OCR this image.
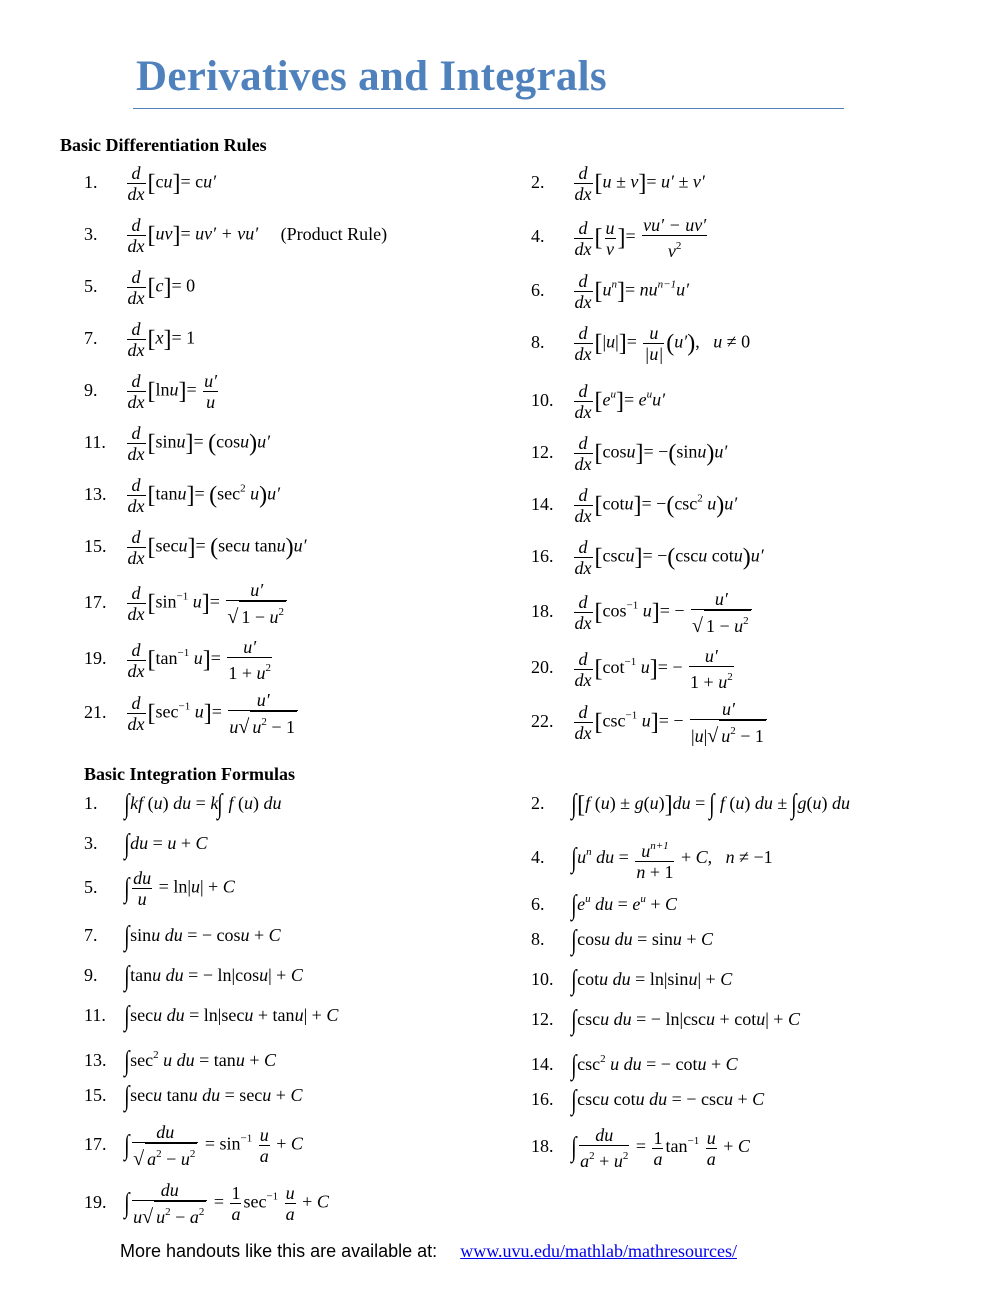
Derivatives and Integrals
Basic Differentiation Rules
1. $\frac{d}{dx} [cu]= cu'$
3. $\frac{d}{dx} [uv]= uv' + vu'$ (Product Rule)
5. $\frac{d}{dx} [c]= 0$
7. $\frac{d}{dx} [x]= 1$
9. $\frac{d}{dx} [\ln u]= \frac{u'}{u}$
11. $\frac{d}{dx} [\sin u]= (\cos u)u'$
13. $\frac{d}{dx} [\tan u]= (\sec^2$ u)u′
15. $\frac{d}{dx} [\sec u]= (\sec u$ tanu)u′
17. $\frac{d}{dx} [\sin^{-1}$ $u]= \frac{u'}{√ 1 - u^2}$
19. $\frac{d}{dx} [\tan^{-1}$ $u]= \frac{u'}{1 + u^2}$
21. $\frac{d}{dx} [\sec^{-1}$ $u]= \frac{u'}{u√ u^2 - 1}$
2. $\frac{d}{dx} [u \pm v]= u' \pm v'$
4. $\frac{d}{dx}$ [ $\frac{u}{v}$ ]= $\frac{vu' - uv'}{v^2}$
6. $\frac{d}{dx} [u^n]= nu^{n-1}u'$
8. $\frac{d}{dx} [|u|]= \frac{u}{|u|} (u')$,   u ≠ 0
10. $\frac{d}{dx} [e^u]= e^uu'$
12. $\frac{d}{dx} [\cos u]= -(\sin u)u'$
14. $\frac{d}{dx} [\cot u]= -(\csc^2$ u)u′
16. $\frac{d}{dx} [\csc u]= -(\csc u$ cotu)u′
18. $\frac{d}{dx} [\cos^{-1}$ $u]= - \frac{u'}{√ 1 - u^2}$
20. $\frac{d}{dx} [\cot^{-1}$ $u]= - \frac{u'}{1 + u^2}$
22. $\frac{d}{dx} [\csc^{-1}$ $u]= - \frac{u'}{|u|√ u^2 - 1}$
Basic Integration Formulas
1. ∫kf (u) du = k∫ f (u) du
3. ∫du = u + C
5. ∫ $\frac{du}{u} = \ln|u| + C$
7. ∫sinu du = − cosu + C
9. ∫tanu du = − ln|cosu| + C
11. ∫secu du = ln|secu + tanu| + C
13. $\int\sec^2$ u du = tanu + C
15. ∫secu tanu du = secu + C
17. ∫ $\frac{du}{√ a^2 - u^2} = \sin^{-1} \frac{u}{a} + C$
19. ∫ $\frac{du}{u√ u^2 - a^2} = \frac{1}{a} \sec^{-1} \frac{u}{a} + C$
2. ∫[f (u) ± g(u)]du = ∫ f (u) du ± ∫g(u) du
4. $\int u^n$ du = $\frac{u^{n+1}}{n + 1} + C$,   n ≠ −1
6. $\int e^u$ du = $e^u + C$
8. ∫cosu du = sinu + C
10. ∫cotu du = ln|sinu| + C
12. ∫cscu du = − ln|cscu + cotu| + C
14. $\int\csc^2$ u du = − cotu + C
16. ∫cscu cotu du = − cscu + C
18. ∫ $\frac{du}{a^2 + u^2} = \frac{1}{a} \tan^{-1} \frac{u}{a} + C$
More handouts like this are available at: www.uvu.edu/mathlab/mathresources/
